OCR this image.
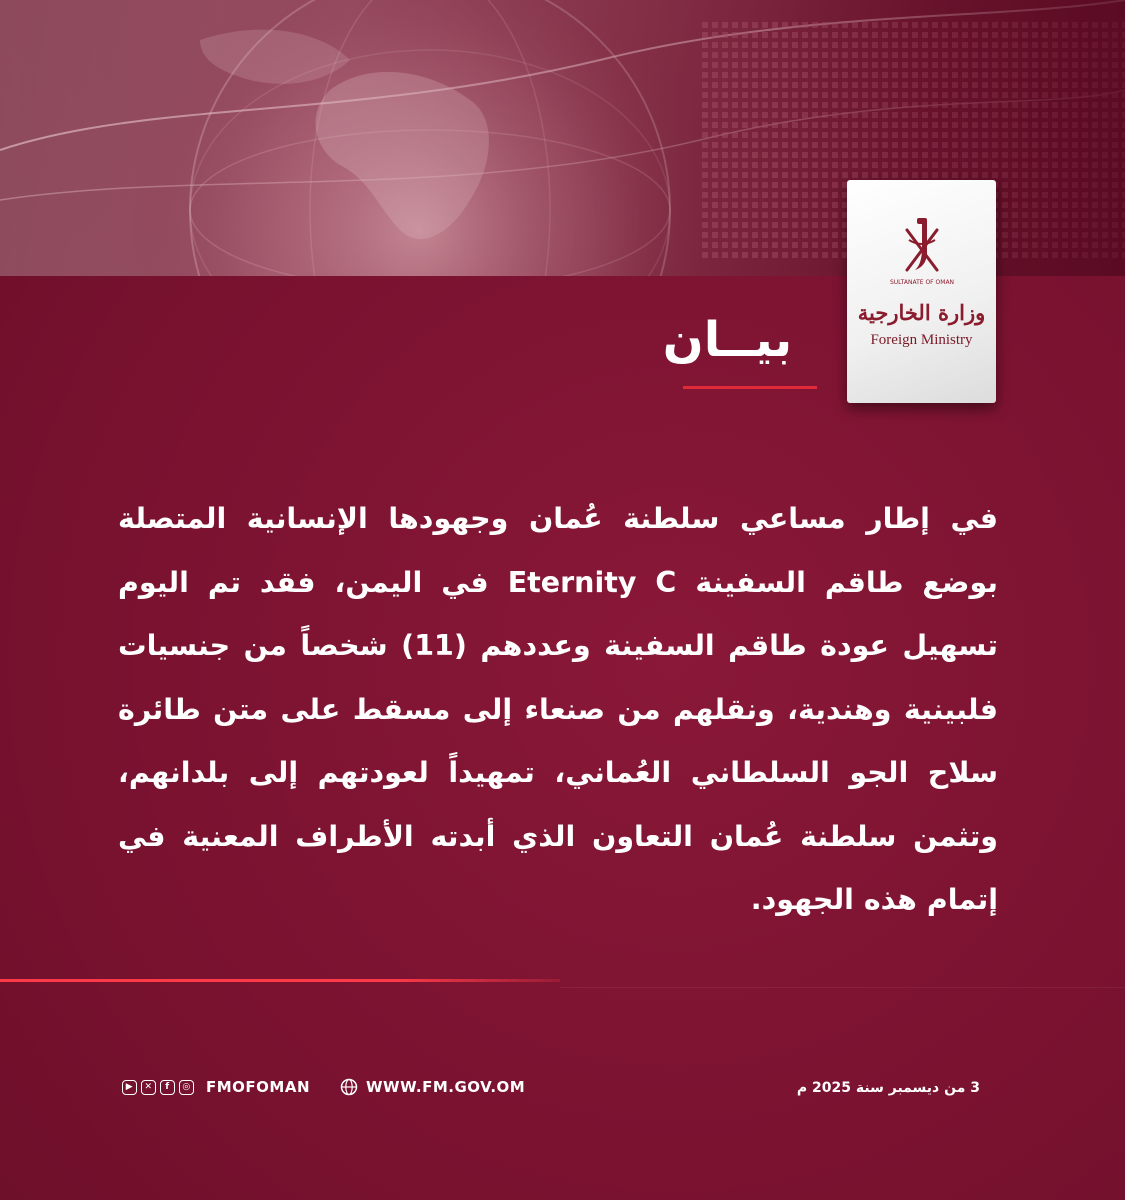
SULTANATE OF OMAN
وزارة الخارجية
Foreign Ministry
بيــان
في إطار مساعي سلطنة عُمان وجهودها الإنسانية المتصلة بوضع طاقم السفينة Eternity C في اليمن، فقد تم اليوم تسهيل عودة طاقم السفينة وعددهم (11) شخصاً من جنسيات فلبينية وهندية، ونقلهم من صنعاء إلى مسقط على متن طائرة سلاح الجو السلطاني العُماني، تمهيداً لعودتهم إلى بلدانهم، وتثمن سلطنة عُمان التعاون الذي أبدته الأطراف المعنية في إتمام هذه الجهود.
3 من ديسمبر سنة 2025 م
WWW.FM.GOV.OM
▶	✕	f	◎ FMOFOMAN
